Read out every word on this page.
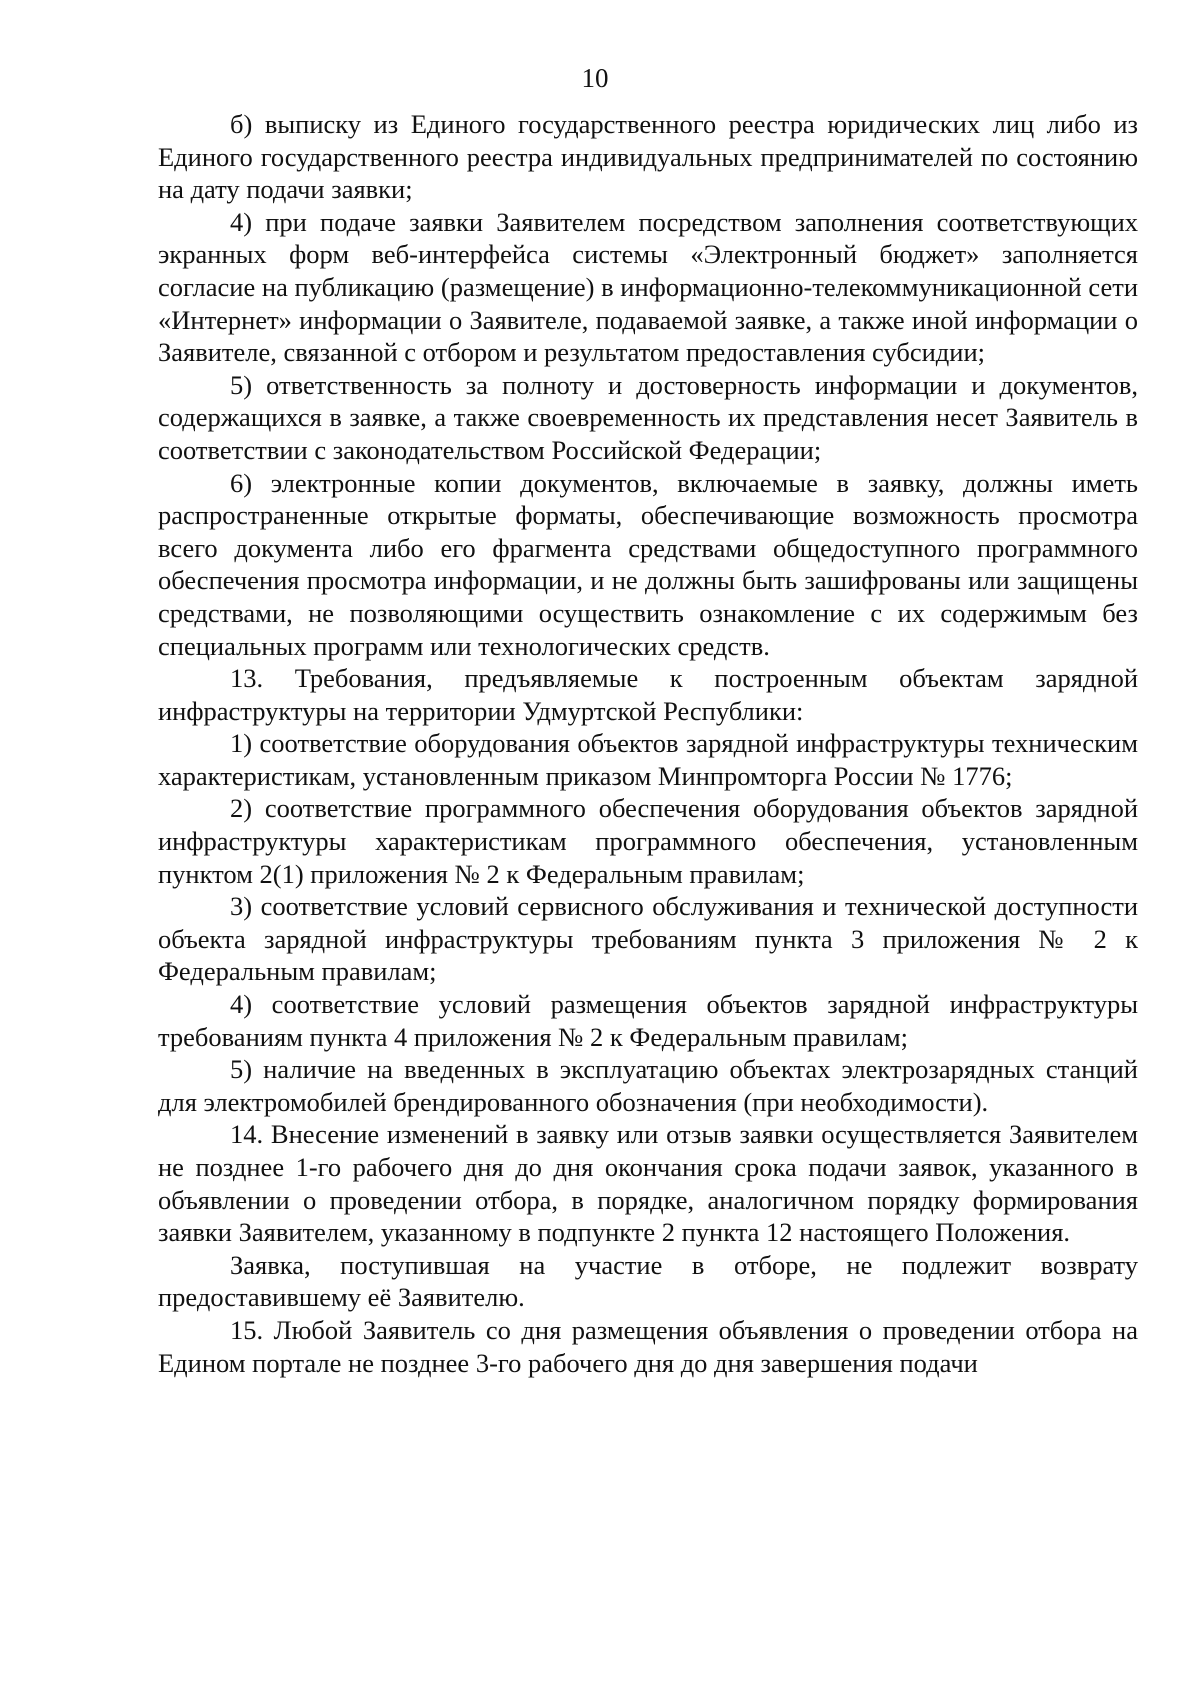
10

б) выписку из Единого государственного реестра юридических лиц либо из Единого государственного реестра индивидуальных предпринимателей по состоянию на дату подачи заявки;

4) при подаче заявки Заявителем посредством заполнения соответствующих экранных форм веб-интерфейса системы «Электронный бюджет» заполняется согласие на публикацию (размещение) в информационно-телекоммуникационной сети «Интернет» информации о Заявителе, подаваемой заявке, а также иной информации о Заявителе, связанной с отбором и результатом предоставления субсидии;

5) ответственность за полноту и достоверность информации и документов, содержащихся в заявке, а также своевременность их представления несет Заявитель в соответствии с законодательством Российской Федерации;

6) электронные копии документов, включаемые в заявку, должны иметь распространенные открытые форматы, обеспечивающие возможность просмотра всего документа либо его фрагмента средствами общедоступного программного обеспечения просмотра информации, и не должны быть зашифрованы или защищены средствами, не позволяющими осуществить ознакомление с их содержимым без специальных программ или технологических средств.

13. Требования, предъявляемые к построенным объектам зарядной инфраструктуры на территории Удмуртской Республики:

1) соответствие оборудования объектов зарядной инфраструктуры техническим характеристикам, установленным приказом Минпромторга России № 1776;

2) соответствие программного обеспечения оборудования объектов зарядной инфраструктуры характеристикам программного обеспечения, установленным пунктом 2(1) приложения № 2 к Федеральным правилам;

3) соответствие условий сервисного обслуживания и технической доступности объекта зарядной инфраструктуры требованиям пункта 3 приложения № 2 к Федеральным правилам;

4) соответствие условий размещения объектов зарядной инфраструктуры требованиям пункта 4 приложения № 2 к Федеральным правилам;

5) наличие на введенных в эксплуатацию объектах электрозарядных станций для электромобилей брендированного обозначения (при необходимости).

14. Внесение изменений в заявку или отзыв заявки осуществляется Заявителем не позднее 1-го рабочего дня до дня окончания срока подачи заявок, указанного в объявлении о проведении отбора, в порядке, аналогичном порядку формирования заявки Заявителем, указанному в подпункте 2 пункта 12 настоящего Положения.

Заявка, поступившая на участие в отборе, не подлежит возврату предоставившему её Заявителю.

15. Любой Заявитель со дня размещения объявления о проведении отбора на Едином портале не позднее 3-го рабочего дня до дня завершения подачи
